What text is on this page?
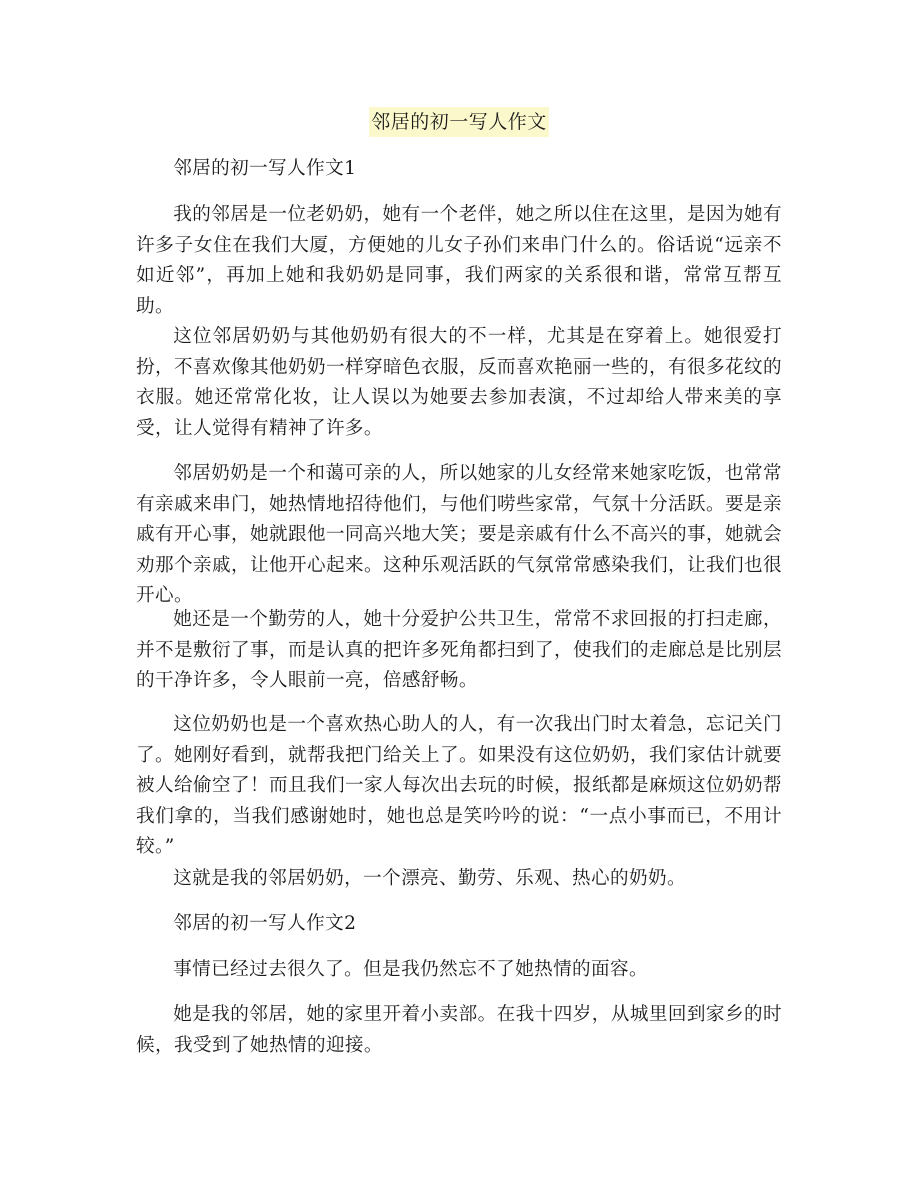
邻居的初一写人作文

邻居的初一写人作文1

我的邻居是一位老奶奶，她有一个老伴，她之所以住在这里，是因为她有许多子女住在我们大厦，方便她的儿女子孙们来串门什么的。俗话说“远亲不如近邻”，再加上她和我奶奶是同事，我们两家的关系很和谐，常常互帮互助。

这位邻居奶奶与其他奶奶有很大的不一样，尤其是在穿着上。她很爱打扮，不喜欢像其他奶奶一样穿暗色衣服，反而喜欢艳丽一些的，有很多花纹的衣服。她还常常化妆，让人误以为她要去参加表演，不过却给人带来美的享受，让人觉得有精神了许多。

邻居奶奶是一个和蔼可亲的人，所以她家的儿女经常来她家吃饭，也常常有亲戚来串门，她热情地招待他们，与他们唠些家常，气氛十分活跃。要是亲戚有开心事，她就跟他一同高兴地大笑；要是亲戚有什么不高兴的事，她就会劝那个亲戚，让他开心起来。这种乐观活跃的气氛常常感染我们，让我们也很开心。

她还是一个勤劳的人，她十分爱护公共卫生，常常不求回报的打扫走廊，并不是敷衍了事，而是认真的把许多死角都扫到了，使我们的走廊总是比别层的干净许多，令人眼前一亮，倍感舒畅。

这位奶奶也是一个喜欢热心助人的人，有一次我出门时太着急，忘记关门了。她刚好看到，就帮我把门给关上了。如果没有这位奶奶，我们家估计就要被人给偷空了！而且我们一家人每次出去玩的时候，报纸都是麻烦这位奶奶帮我们拿的，当我们感谢她时，她也总是笑吟吟的说：“一点小事而已，不用计较。”

这就是我的邻居奶奶，一个漂亮、勤劳、乐观、热心的奶奶。

邻居的初一写人作文2

事情已经过去很久了。但是我仍然忘不了她热情的面容。

她是我的邻居，她的家里开着小卖部。在我十四岁，从城里回到家乡的时候，我受到了她热情的迎接。
